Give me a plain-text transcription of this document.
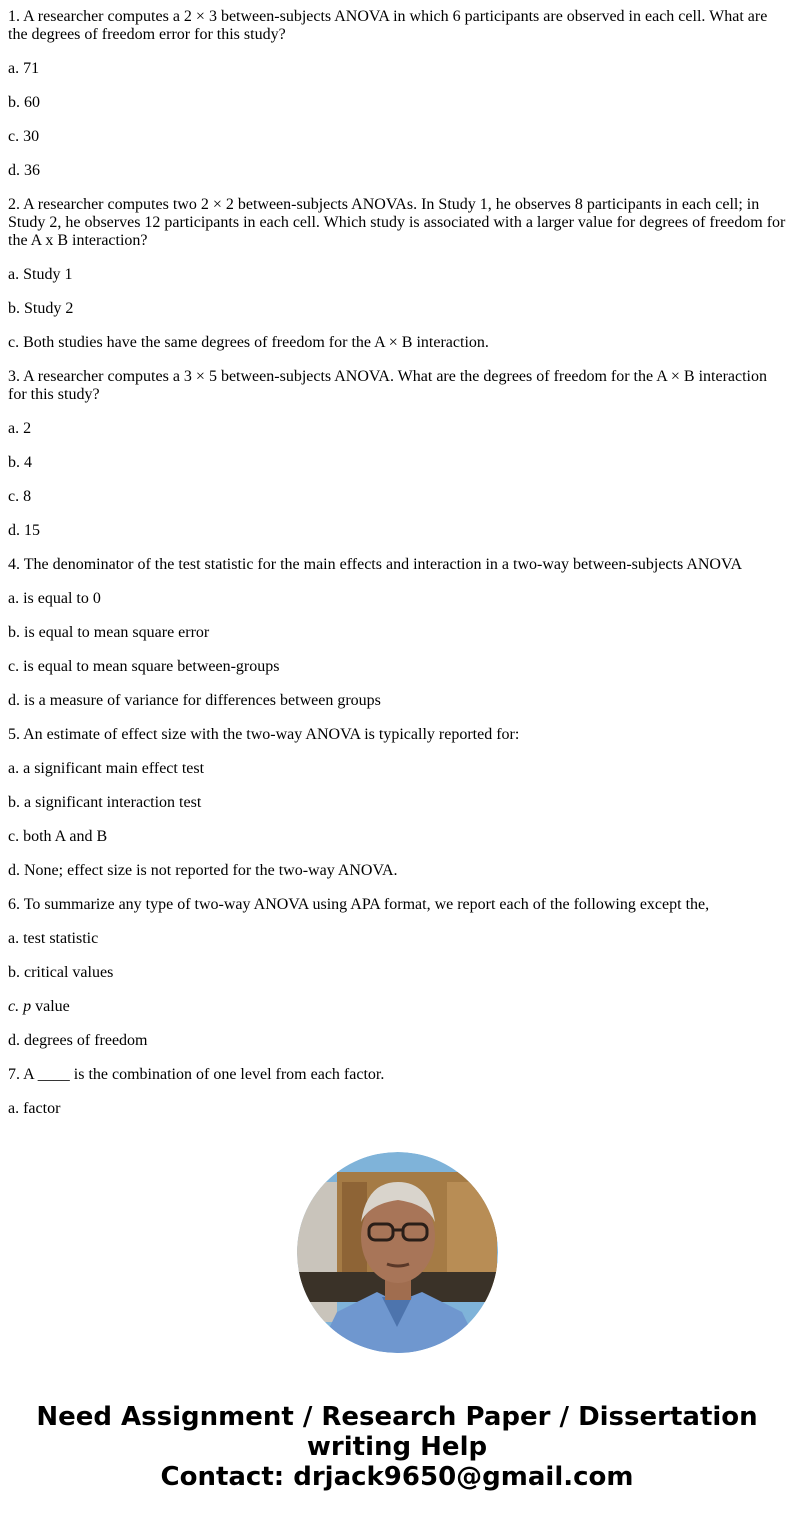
1. A researcher computes a 2 × 3 between-subjects ANOVA in which 6 participants are observed in each cell. What are the degrees of freedom error for this study?

a. 71

b. 60

c. 30

d. 36

2. A researcher computes two 2 × 2 between-subjects ANOVAs. In Study 1, he observes 8 participants in each cell; in Study 2, he observes 12 participants in each cell. Which study is associated with a larger value for degrees of freedom for the A x B interaction?

a. Study 1

b. Study 2

c. Both studies have the same degrees of freedom for the A × B interaction.

3. A researcher computes a 3 × 5 between-subjects ANOVA. What are the degrees of freedom for the A × B interaction for this study?

a. 2

b. 4

c. 8

d. 15

4. The denominator of the test statistic for the main effects and interaction in a two-way between-subjects ANOVA

a. is equal to 0

b. is equal to mean square error

c. is equal to mean square between-groups

d. is a measure of variance for differences between groups

5. An estimate of effect size with the two-way ANOVA is typically reported for:

a. a significant main effect test

b. a significant interaction test

c. both A and B

d. None; effect size is not reported for the two-way ANOVA.

6. To summarize any type of two-way ANOVA using APA format, we report each of the following except the,

a. test statistic

b. critical values

c. p value

d. degrees of freedom

7. A ____ is the combination of one level from each factor.

a. factor

Need Assignment / Research Paper / Dissertation
writing Help
Contact: drjack9650@gmail.com
